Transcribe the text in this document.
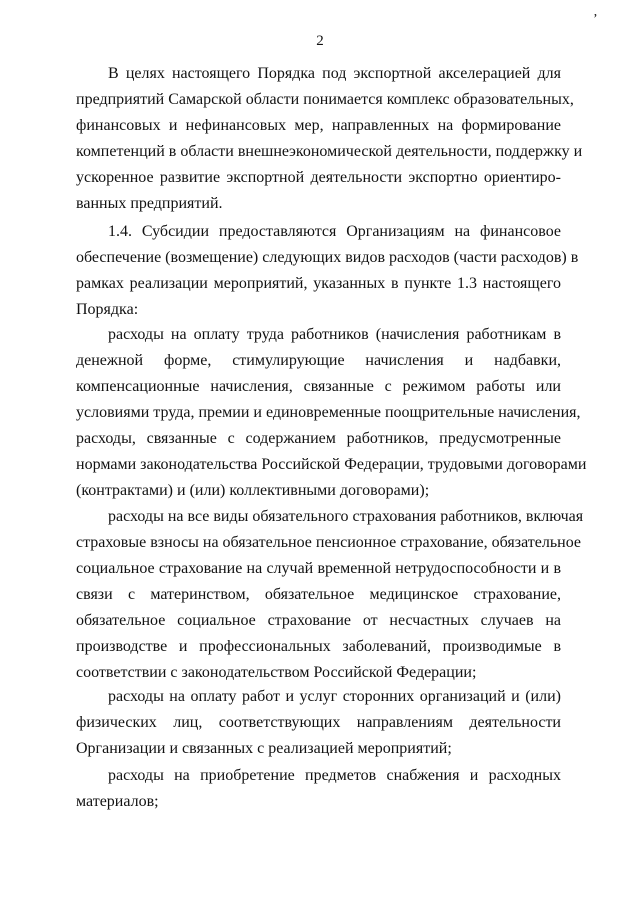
’
2
В целях настоящего Порядка под экспортной акселерацией для
предприятий Самарской области понимается комплекс образовательных,
финансовых и нефинансовых мер, направленных на формирование
компетенций в области внешнеэкономической деятельности, поддержку и
ускоренное развитие экспортной деятельности экспортно ориентиро-
ванных предприятий.
1.4. Субсидии предоставляются Организациям на финансовое
обеспечение (возмещение) следующих видов расходов (части расходов) в
рамках реализации мероприятий, указанных в пункте 1.3 настоящего
Порядка:
расходы на оплату труда работников (начисления работникам в
денежной форме, стимулирующие начисления и надбавки,
компенсационные начисления, связанные с режимом работы или
условиями труда, премии и единовременные поощрительные начисления,
расходы, связанные с содержанием работников, предусмотренные
нормами законодательства Российской Федерации, трудовыми договорами
(контрактами) и (или) коллективными договорами);
расходы на все виды обязательного страхования работников, включая
страховые взносы на обязательное пенсионное страхование, обязательное
социальное страхование на случай временной нетрудоспособности и в
связи с материнством, обязательное медицинское страхование,
обязательное социальное страхование от несчастных случаев на
производстве и профессиональных заболеваний, производимые в
соответствии с законодательством Российской Федерации;
расходы на оплату работ и услуг сторонних организаций и (или)
физических лиц, соответствующих направлениям деятельности
Организации и связанных с реализацией мероприятий;
расходы на приобретение предметов снабжения и расходных
материалов;
